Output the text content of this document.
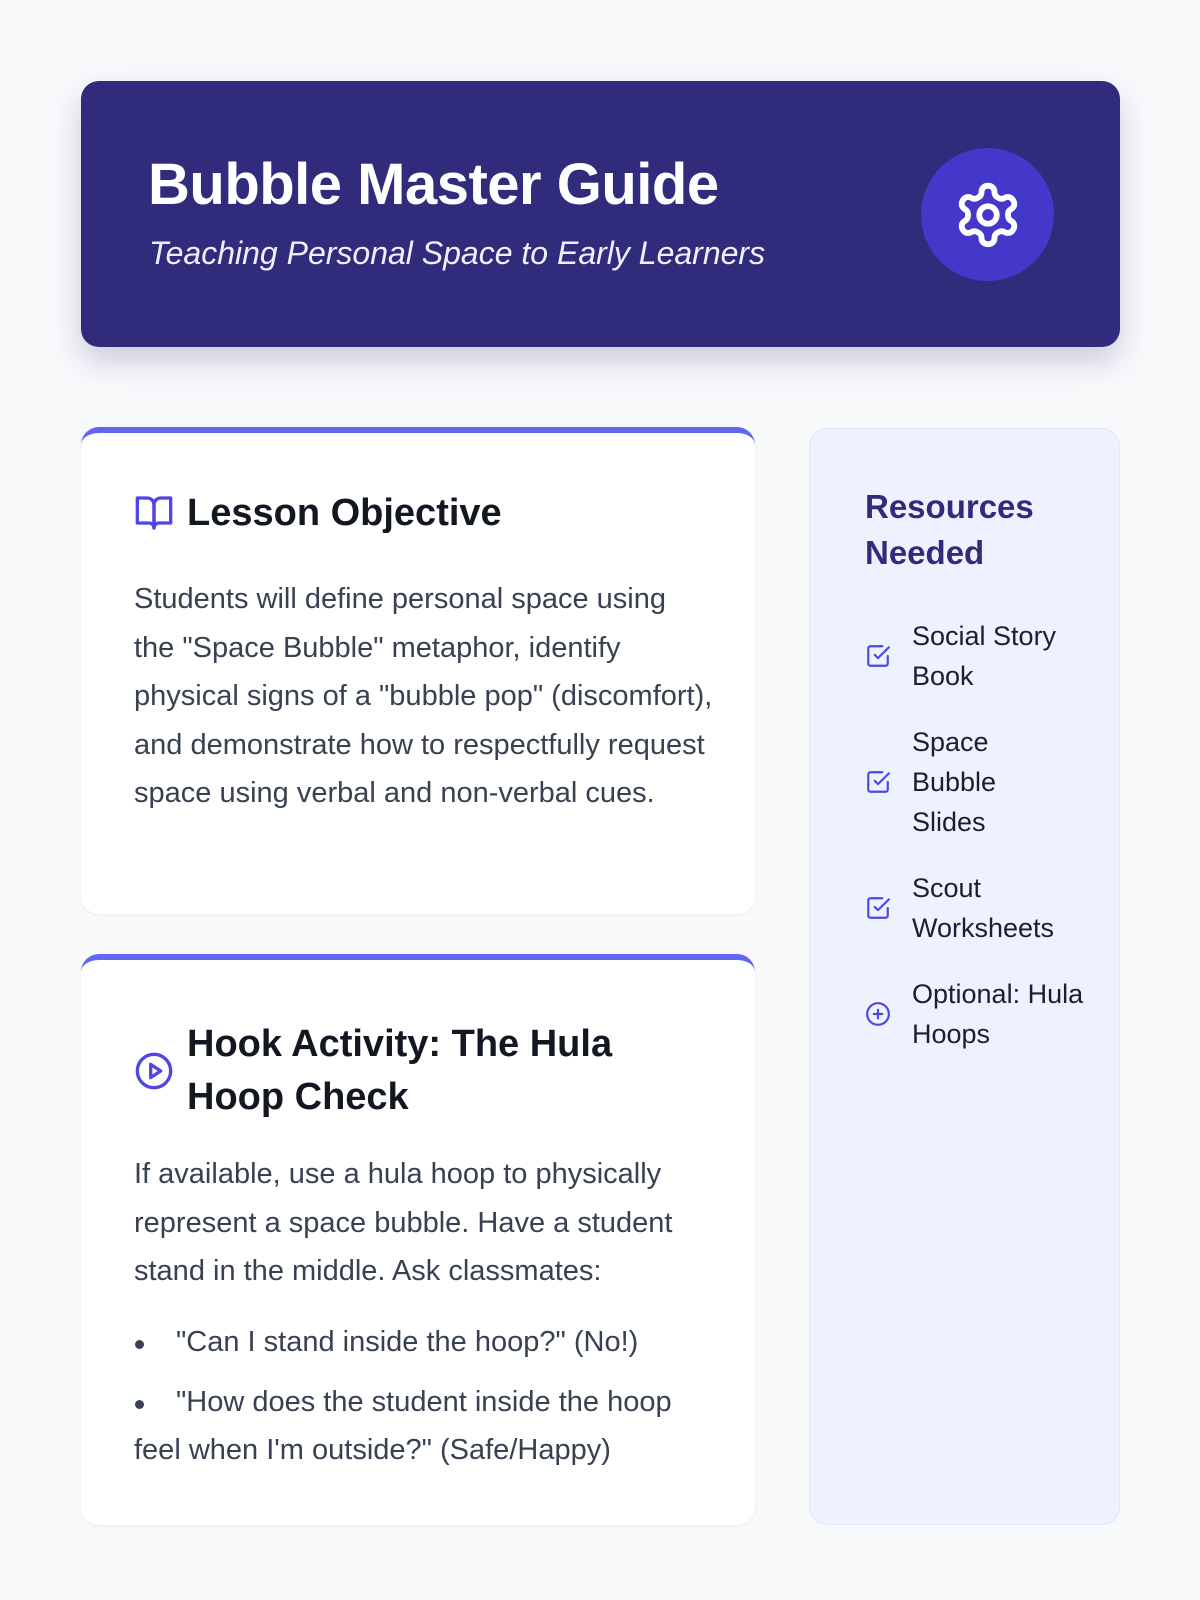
Bubble Master Guide

Teaching Personal Space to Early Learners

Lesson Objective

Students will define personal space using the "Space Bubble" metaphor, identify physical signs of a "bubble pop" (discomfort), and demonstrate how to respectfully request space using verbal and non-verbal cues.

Hook Activity: The Hula Hoop Check

If available, use a hula hoop to physically represent a space bubble. Have a student stand in the middle. Ask classmates:

"Can I stand inside the hoop?" (No!)
"How does the student inside the hoop feel when I'm outside?" (Safe/Happy)
Resources Needed
Social Story Book
Space Bubble Slides
Scout Worksheets
Optional: Hula Hoops
